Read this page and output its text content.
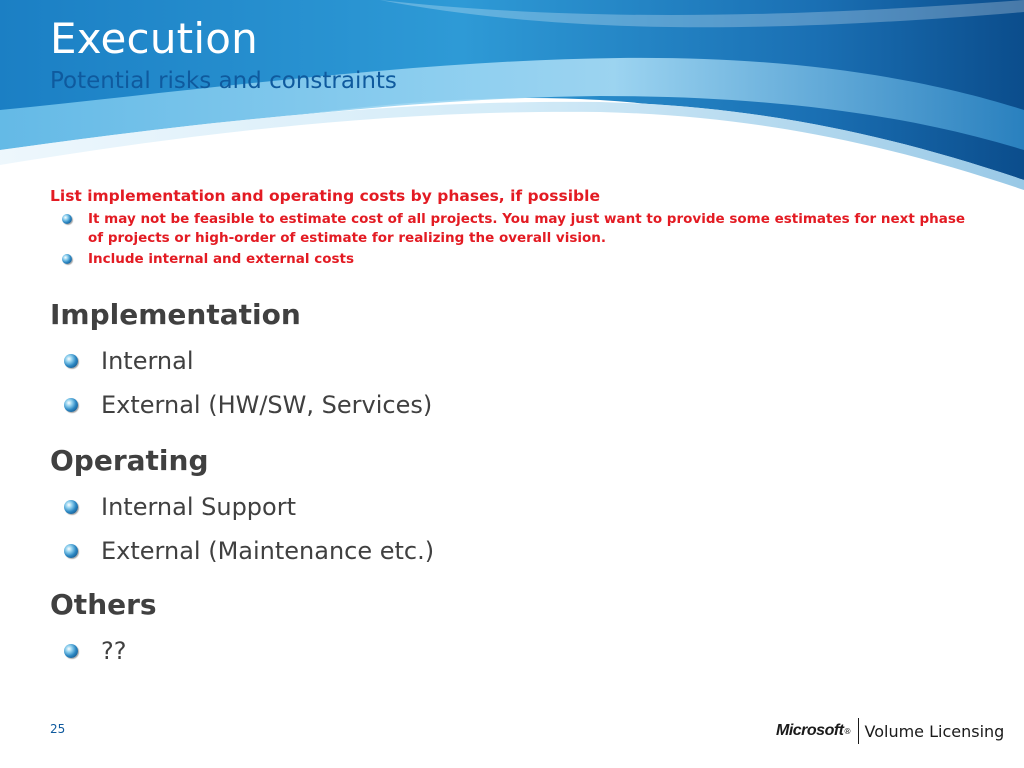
Execution
Potential risks and constraints
List implementation and operating costs by phases, if possible
It may not be feasible to estimate cost of all projects. You may just want to provide some estimates for next phase of projects or high-order of estimate for realizing the overall vision.
Include internal and external costs
Implementation
Internal
External (HW/SW, Services)
Operating
Internal Support
External (Maintenance etc.)
Others
??
25	Microsoft ® Volume Licensing
